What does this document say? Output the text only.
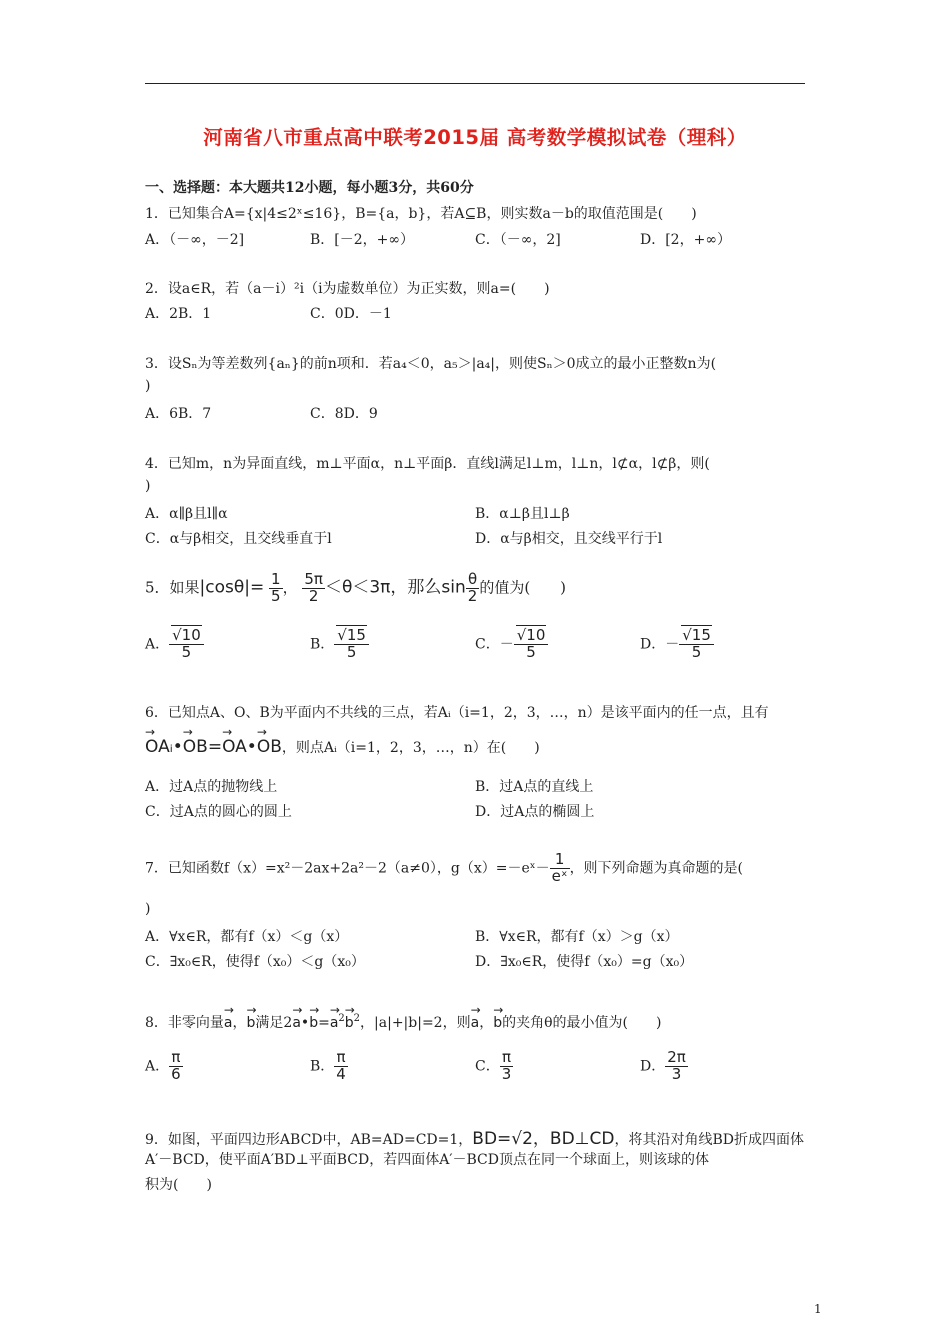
河南省八市重点高中联考2015届 高考数学模拟试卷（理科）
一、选择题：本大题共12小题，每小题3分，共60分
1．已知集合A={x|4≤2ˣ≤16}，B={a，b}，若A⊆B，则实数a－b的取值范围是(　　)
A．（－∞，－2]	B．[－2，+∞）	C．（－∞，2]	D．[2，+∞）
2．设a∈R，若（a－i）²i（i为虚数单位）为正实数，则a=(　　)
A．2B．1	C．0D．－1
3．设Sₙ为等差数列{aₙ}的前n项和．若a₄＜0，a₅＞|a₄|，则使Sₙ＞0成立的最小正整数n为(
)
A．6B．7	C．8D．9
4．已知m，n为异面直线，m⊥平面α，n⊥平面β．直线l满足l⊥m，l⊥n，l⊄α，l⊄β，则(
)
A．α∥β且l∥α	B．α⊥β且l⊥β
C．α与β相交，且交线垂直于l	D．α与β相交，且交线平行于l
5．如果$|\cos\theta|= \frac{1}{5}$ ， $\frac{5\pi}{2} <\theta<3\pi$，那么$\sin \frac{\theta}{2}$ 的值为(　　)
A． $\frac{√10}{5}$	B． $\frac{√15}{5}$	C．－ $\frac{√10}{5}$	D．－ $\frac{√15}{5}$
6．已知点A、O、B为平面内不共线的三点，若Aᵢ（i=1，2，3，…，n）是该平面内的任一点，且有
→ OAᵢ•→ OB=→ OA•→ OB，则点Aᵢ（i=1，2，3，…，n）在(　　)
A．过A点的抛物线上	B．过A点的直线上
C．过A点的圆心的圆上	D．过A点的椭圆上
7．已知函数f（x）=x²－2ax+2a²－2（a≠0），g（x）=－eˣ－ $\frac{1}{\text{eˣ}}$ ，则下列命题为真命题的是(
)
A．∀x∈R，都有f（x）＜g（x）	B．∀x∈R，都有f（x）＞g（x）
C．∃x₀∈R，使得f（x₀）＜g（x₀）	D．∃x₀∈R，使得f（x₀）=g（x₀）
8．非零向量→ a，→ b满足2→ a•→ $b=\to a^2\to b^2$，|a|+|b|=2，则→ a，→ b的夹角θ的最小值为(　　)
A． $\frac{\pi}{6}$	B． $\frac{\pi}{4}$	C． $\frac{\pi}{3}$	D． $\frac{2\pi}{3}$
9．如图，平面四边形ABCD中，AB=AD=CD=1，BD=√2，BD⊥CD，将其沿对角线BD折成四面体
A′－BCD，使平面A′BD⊥平面BCD，若四面体A′－BCD顶点在同一个球面上，则该球的体
积为(　　)
1
